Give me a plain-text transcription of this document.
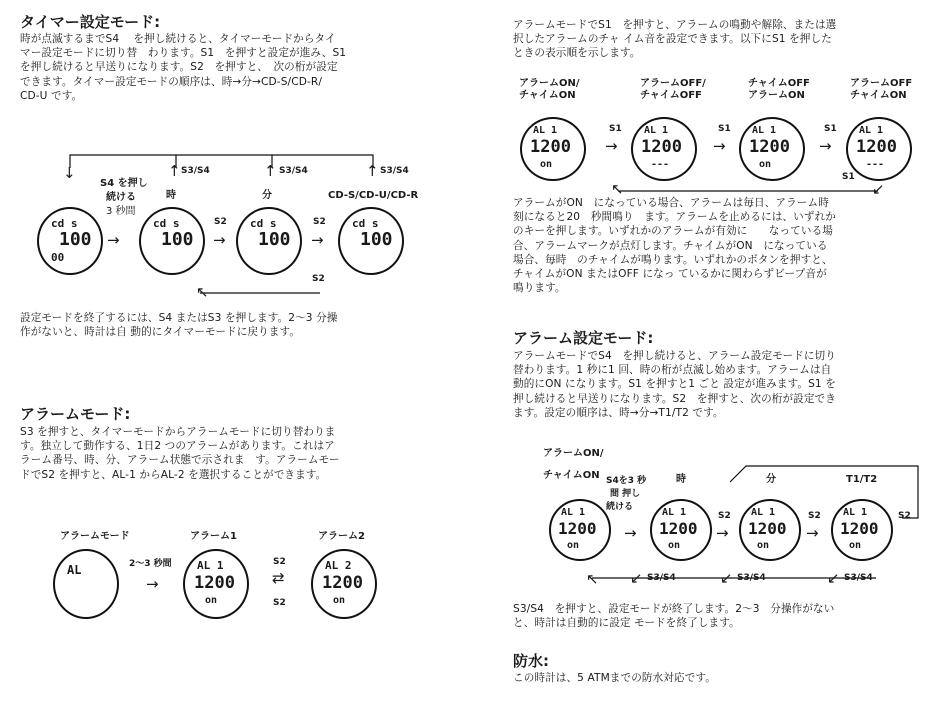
タイマー設定モード:
時が点滅するまでS4　 を押し続けると、タイマーモードからタイ
マー設定モードに切り替　わります。S1　を押すと設定が進み、S1
を押し続けると早送りになります。S2　を押すと、　次の桁が設定
できます。タイマー設定モードの順序は、時→分→CD-S/CD-R/
CD-U です。
↓	↑ S3/S4	↑ S3/S4	↑ S3/S4
S4 を押し
続ける
3 秒間
時	分	CD-S/CD-U/CD-R
cd s
100
00
→
cd s
100
S2
→
cd s
100
S2
→
cd s
100
S2
↖
設定モードを終了するには、S4 またはS3 を押します。2〜3 分操
作がないと、時計は自 動的にタイマーモードに戻ります。
アラームモード:
S3 を押すと、タイマーモードからアラームモードに切り替わりま
す。独立して動作する、1日2 つのアラームがあります。これはア
ラーム番号、時、分、アラーム状態で示されま　す。アラームモー
ドでS2 を押すと、AL-1 からAL-2 を選択することができます。
アラームモード	アラーム1	アラーム2
AL	2〜3 秒間
→
AL 1
1200
on
S2
⇄
S2
AL 2
1200
on
アラームモードでS1　を押すと、アラームの鳴動や解除、または選
択したアラームのチャ イム音を設定できます。以下にS1 を押した
ときの表示順を示します。
アラームON/
チャイムON
アラームOFF/
チャイムOFF
チャイムOFF
アラームON
アラームOFF
チャイムON
AL 1
1200
on
S1
→
AL 1
1200
---
S1
→
AL 1
1200
on
S1
→
AL 1
1200
---
S1
↖	↙
アラームがON　になっている場合、アラームは毎日、アラーム時
刻になると20　秒間鳴り　ます。アラームを止めるには、いずれか
のキーを押します。いずれかのアラームが有効に　　なっている場
合、アラームマークが点灯します。チャイムがON　になっている
場合、毎時　のチャイムが鳴ります。いずれかのボタンを押すと、
チャイムがON またはOFF になっ ているかに関わらずビープ音が
鳴ります。
アラーム設定モード:
アラームモードでS4　を押し続けると、アラーム設定モードに切り
替わります。1 秒に1 回、時の桁が点滅し始めます。アラームは自
動的にON になります。S1 を押すと1 ごと 設定が進みます。S1 を
押し続けると早送りになります。S2　を押すと、次の桁が設定でき
ます。設定の順序は、時→分→T1/T2 です。
アラームON/
チャイムON S4を3 秒
間 押し
続ける
時	分	T1/T2
AL 1
1200
on
→
AL 1
1200
on
S2
→
AL 1
1200
on
S2
→
AL 1
1200
on
S2
↖ ↙ S3/S4	↙ S3/S4	↙ S3/S4
S3/S4　を押すと、設定モードが終了します。2〜3　分操作がない
と、時計は自動的に設定 モードを終了します。
防水:
この時計は、5 ATMまでの防水対応です。
